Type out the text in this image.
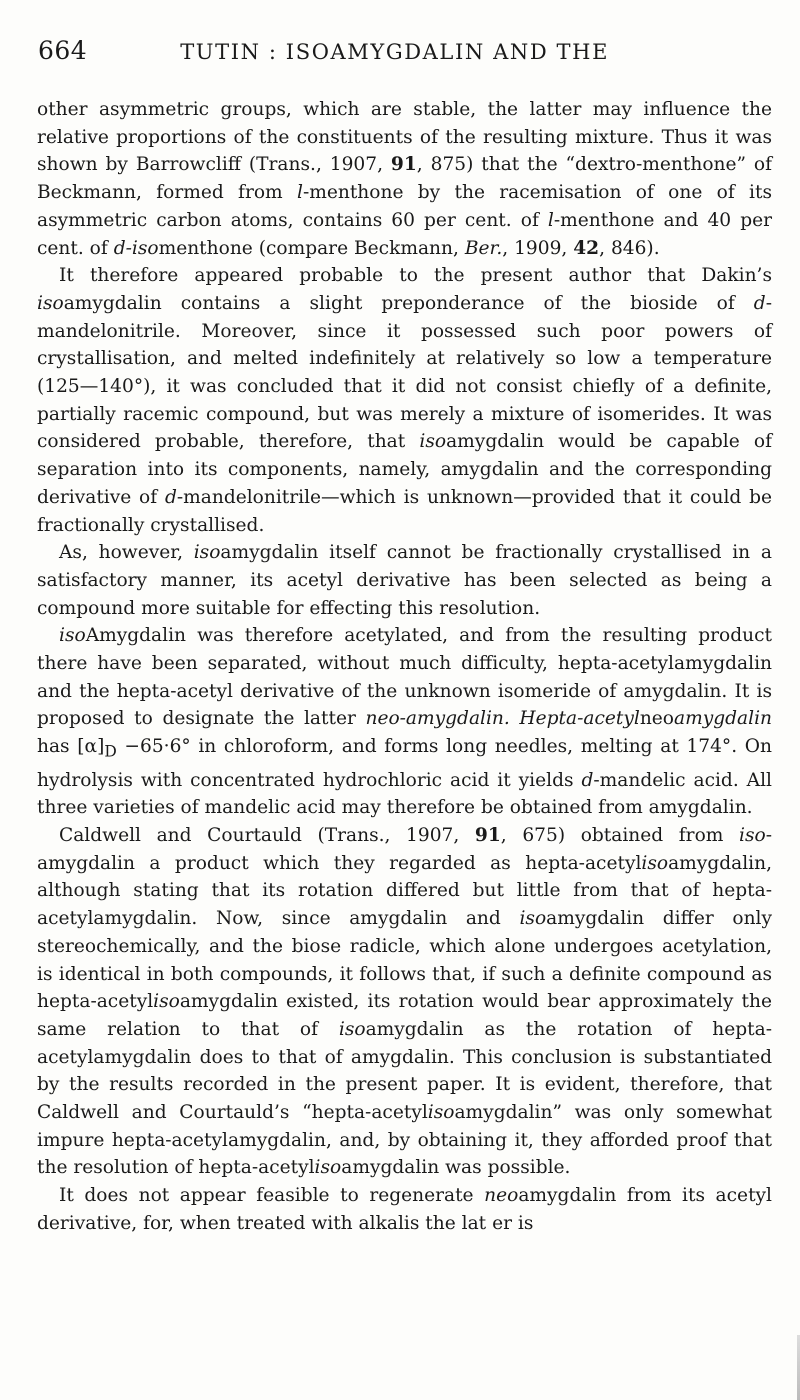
664	TUTIN : ISOAMYGDALIN AND THE

other asymmetric groups, which are stable, the latter may influence the relative proportions of the constituents of the resulting mixture. Thus it was shown by Barrowcliff (Trans., 1907, 91, 875) that the “dextro-menthone” of Beckmann, formed from l-menthone by the racemisation of one of its asymmetric carbon atoms, contains 60 per cent. of l-menthone and 40 per cent. of d-isomenthone (compare Beckmann, Ber., 1909, 42, 846).

It therefore appeared probable to the present author that Dakin’s isoamygdalin contains a slight preponderance of the bioside of d-mandelonitrile. Moreover, since it possessed such poor powers of crystallisation, and melted indefinitely at relatively so low a temperature (125—140°), it was concluded that it did not consist chiefly of a definite, partially racemic compound, but was merely a mixture of isomerides. It was considered probable, therefore, that isoamygdalin would be capable of separation into its components, namely, amygdalin and the corresponding derivative of d-mandelonitrile—which is unknown—provided that it could be fractionally crystallised.

As, however, isoamygdalin itself cannot be fractionally crystallised in a satisfactory manner, its acetyl derivative has been selected as being a compound more suitable for effecting this resolution.

isoAmygdalin was therefore acetylated, and from the resulting product there have been separated, without much difficulty, hepta-acetylamygdalin and the hepta-acetyl derivative of the unknown isomeride of amygdalin. It is proposed to designate the latter neo-amygdalin. Hepta-acetylneoamygdalin has $[\alpha]_D -65\cdot 6^\circ$ in chloroform, and forms long needles, melting at 174°. On hydrolysis with concentrated hydrochloric acid it yields d-mandelic acid. All three varieties of mandelic acid may therefore be obtained from amygdalin.

Caldwell and Courtauld (Trans., 1907, 91, 675) obtained from iso-amygdalin a product which they regarded as hepta-acetylisoamygdalin, although stating that its rotation differed but little from that of hepta-acetylamygdalin. Now, since amygdalin and isoamygdalin differ only stereochemically, and the biose radicle, which alone undergoes acetylation, is identical in both compounds, it follows that, if such a definite compound as hepta-acetylisoamygdalin existed, its rotation would bear approximately the same relation to that of isoamygdalin as the rotation of hepta-acetylamygdalin does to that of amygdalin. This conclusion is substantiated by the results recorded in the present paper. It is evident, therefore, that Caldwell and Courtauld’s “hepta-acetylisoamygdalin” was only somewhat impure hepta-acetylamygdalin, and, by obtaining it, they afforded proof that the resolution of hepta-acetylisoamygdalin was possible.

It does not appear feasible to regenerate neoamygdalin from its acetyl derivative, for, when treated with alkalis the lat er is
